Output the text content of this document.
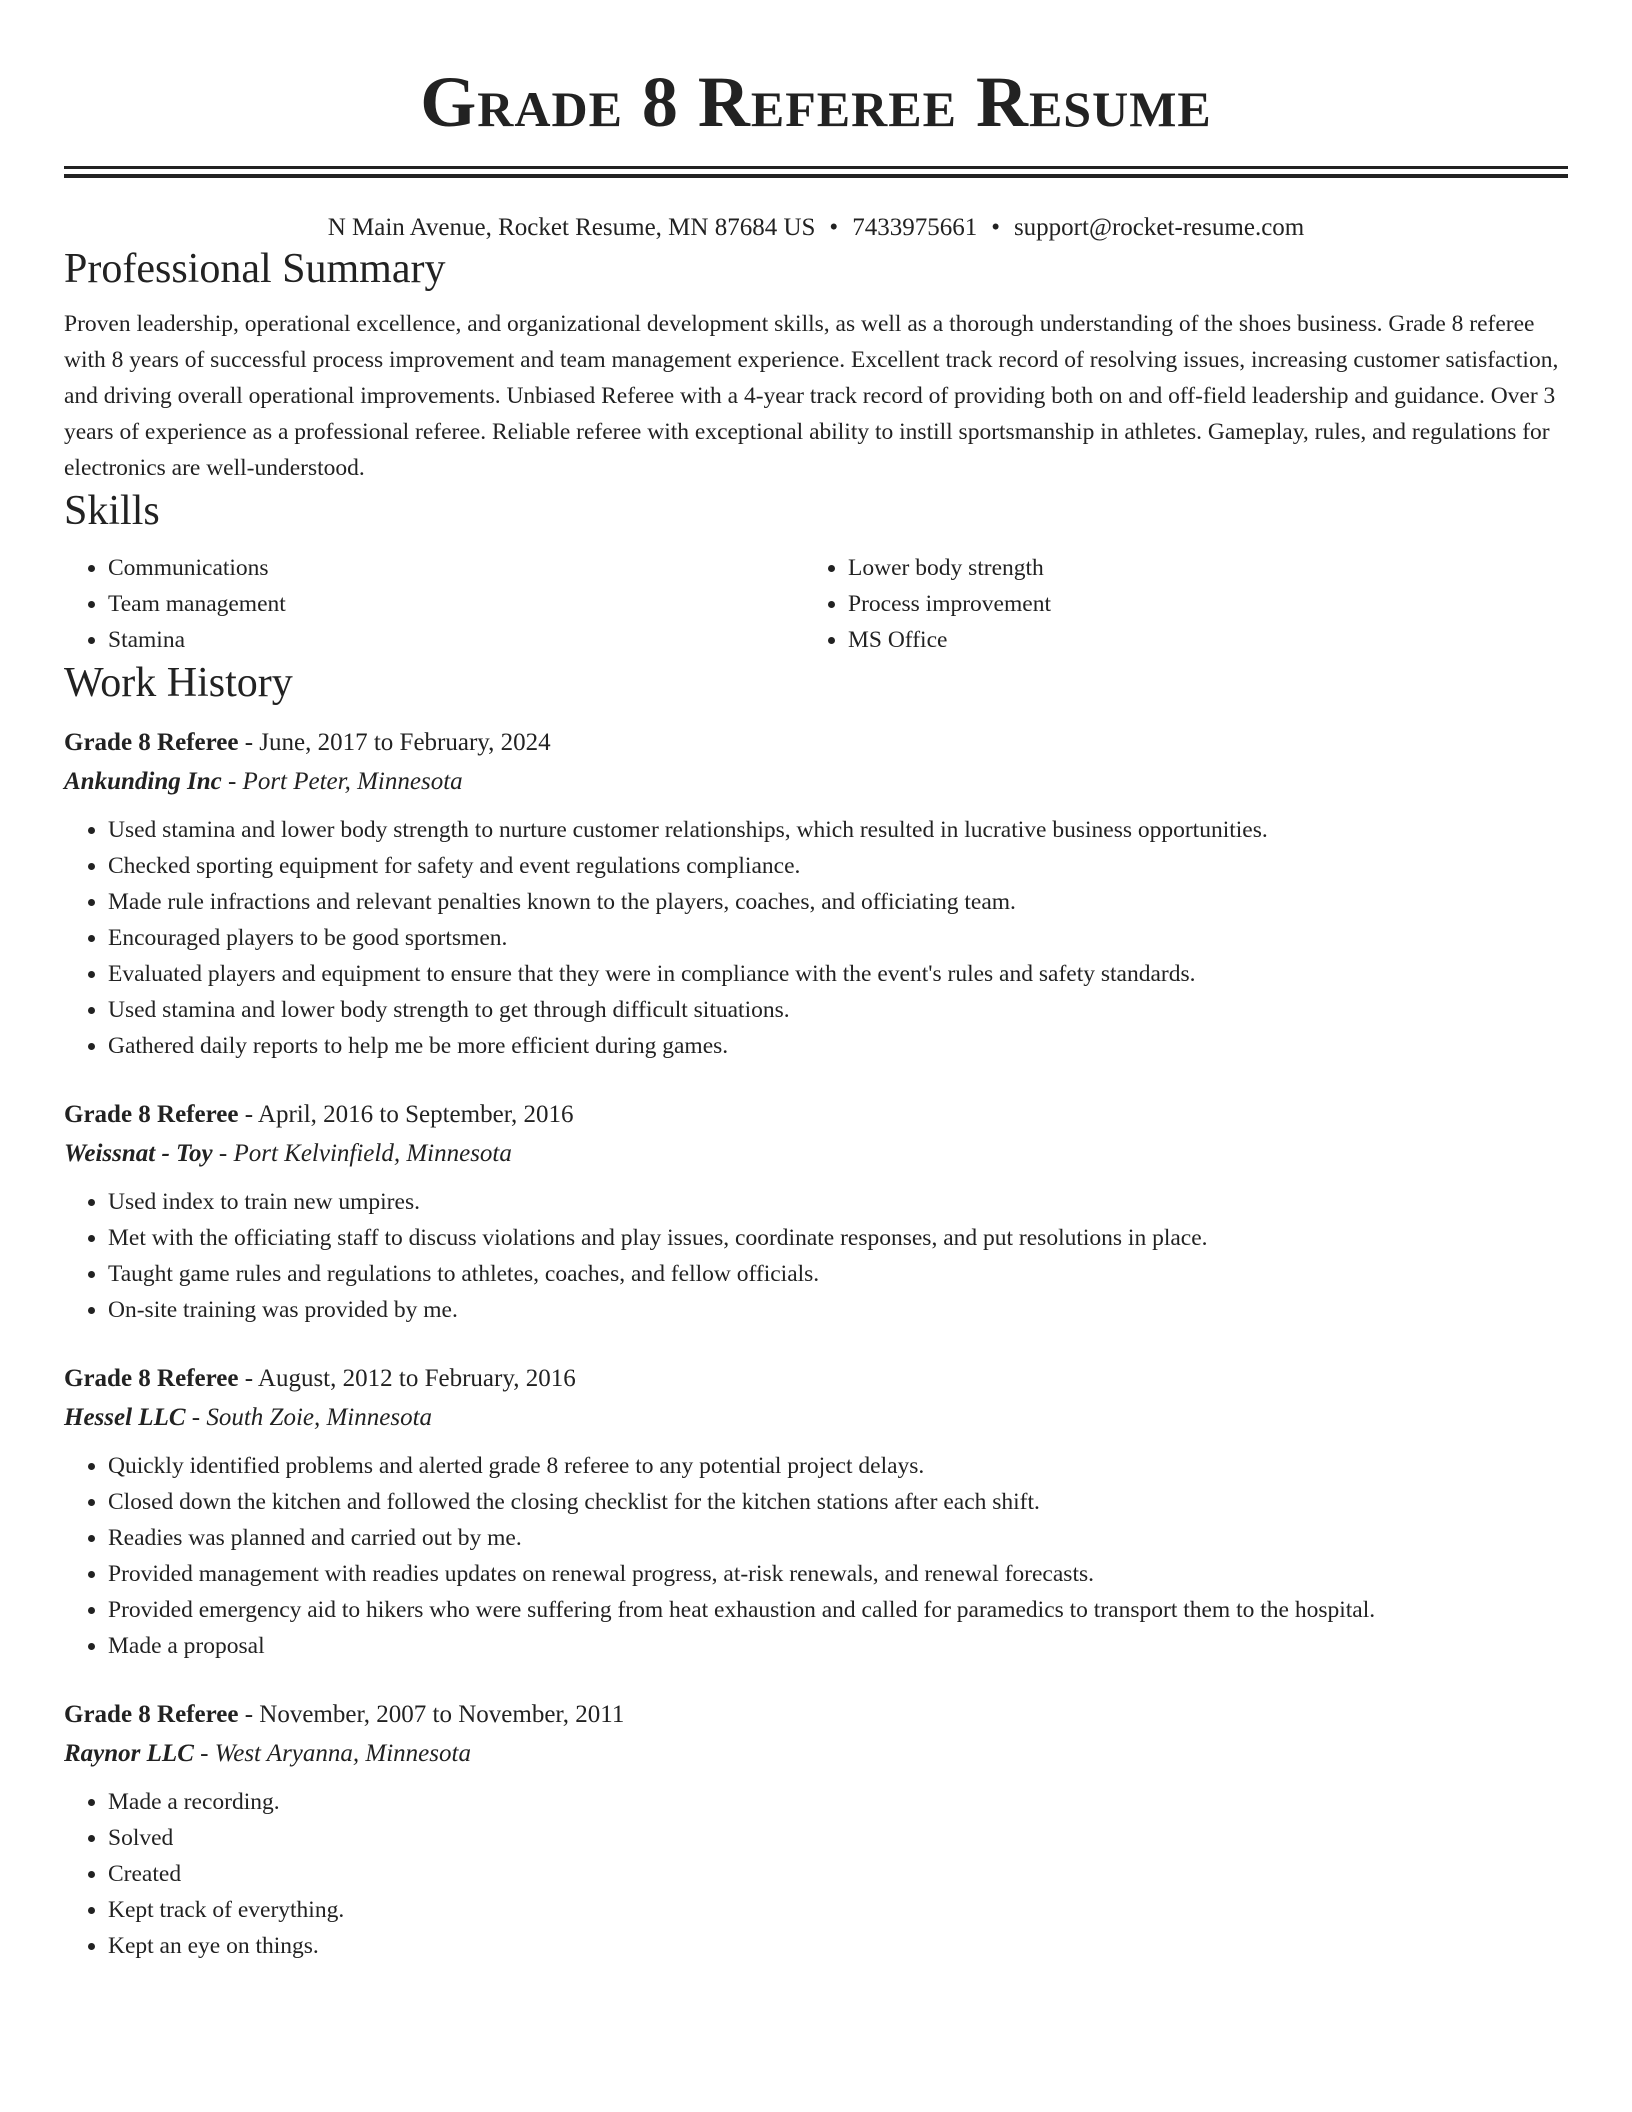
Grade 8 Referee Resume
N Main Avenue, Rocket Resume, MN 87684 US • 7433975661 • support@rocket-resume.com
Professional Summary
Proven leadership, operational excellence, and organizational development skills, as well as a thorough understanding of the shoes business. Grade 8 referee with 8 years of successful process improvement and team management experience. Excellent track record of resolving issues, increasing customer satisfaction, and driving overall operational improvements. Unbiased Referee with a 4-year track record of providing both on and off-field leadership and guidance. Over 3 years of experience as a professional referee. Reliable referee with exceptional ability to instill sportsmanship in athletes. Gameplay, rules, and regulations for electronics are well-understood.
Skills
• Communications
• Team management
• Stamina
• Lower body strength
• Process improvement
• MS Office
Work History
Grade 8 Referee - June, 2017 to February, 2024
Ankunding Inc - Port Peter, Minnesota
• Used stamina and lower body strength to nurture customer relationships, which resulted in lucrative business opportunities.
• Checked sporting equipment for safety and event regulations compliance.
• Made rule infractions and relevant penalties known to the players, coaches, and officiating team.
• Encouraged players to be good sportsmen.
• Evaluated players and equipment to ensure that they were in compliance with the event's rules and safety standards.
• Used stamina and lower body strength to get through difficult situations.
• Gathered daily reports to help me be more efficient during games.
Grade 8 Referee - April, 2016 to September, 2016
Weissnat - Toy - Port Kelvinfield, Minnesota
• Used index to train new umpires.
• Met with the officiating staff to discuss violations and play issues, coordinate responses, and put resolutions in place.
• Taught game rules and regulations to athletes, coaches, and fellow officials.
• On-site training was provided by me.
Grade 8 Referee - August, 2012 to February, 2016
Hessel LLC - South Zoie, Minnesota
• Quickly identified problems and alerted grade 8 referee to any potential project delays.
• Closed down the kitchen and followed the closing checklist for the kitchen stations after each shift.
• Readies was planned and carried out by me.
• Provided management with readies updates on renewal progress, at-risk renewals, and renewal forecasts.
• Provided emergency aid to hikers who were suffering from heat exhaustion and called for paramedics to transport them to the hospital.
• Made a proposal
Grade 8 Referee - November, 2007 to November, 2011
Raynor LLC - West Aryanna, Minnesota
• Made a recording.
• Solved
• Created
• Kept track of everything.
• Kept an eye on things.
